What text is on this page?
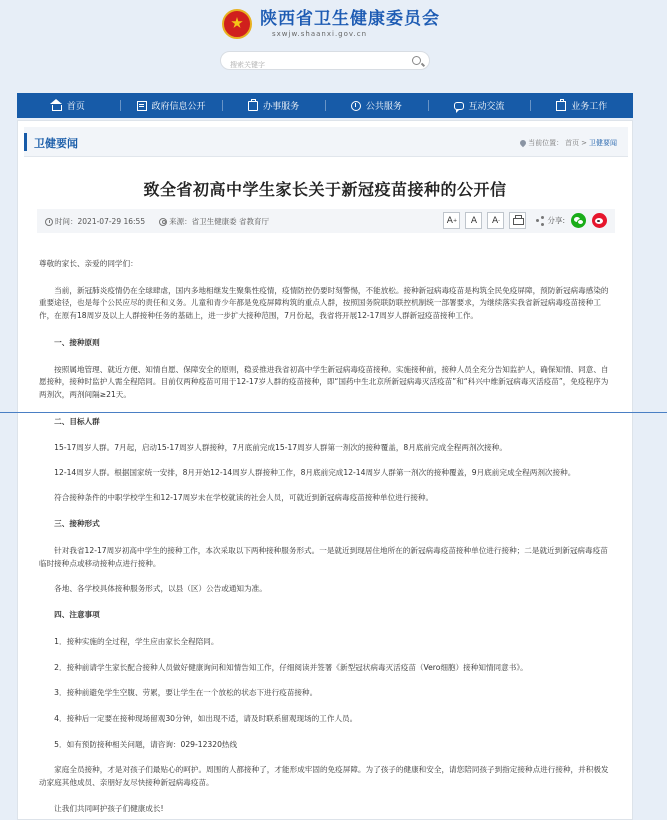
陕西省卫生健康委员会
sxwjw.shaanxi.gov.cn
搜索关键字
首页	政府信息公开	办事服务	公共服务	互动交流	业务工作
卫健要闻	当前位置： 首页 > 卫健要闻
致全省初高中学生家长关于新冠疫苗接种的公开信
时间： 2021-07-29 16:55	来源： 省卫生健康委 省教育厅	A +	A	A -	分享:
尊敬的家长、亲爱的同学们：
　　当前，新冠肺炎疫情仍在全球肆虐，国内多地相继发生聚集性疫情，疫情防控仍要时刻警惕，不能放松。接种新冠病毒疫苗是构筑全民免疫屏障，预防新冠病毒感染的重要途径，也是每个公民应尽的责任和义务。儿童和青少年都是免疫屏障构筑的重点人群，按照国务院联防联控机制统一部署要求，为继续落实我省新冠病毒疫苗接种工作，在原有18周岁及以上人群接种任务的基础上，进一步扩大接种范围，7月份起，我省将开展12-17周岁人群新冠疫苗接种工作。
　　一、接种原则
　　按照属地管理、就近方便、知情自愿、保障安全的原则，稳妥推进我省初高中学生新冠病毒疫苗接种。实施接种前，接种人员全充分告知监护人，确保知情、同意、自愿接种，接种时监护人需全程陪同。目前仅两种疫苗可用于12-17岁人群的疫苗接种，即“国药中生北京所新冠病毒灭活疫苗”和“科兴中维新冠病毒灭活疫苗”，免疫程序为两剂次，两剂间隔≥21天。
　　二、目标人群
　　15-17周岁人群。7月起，启动15-17周岁人群接种，7月底前完成15-17周岁人群第一剂次的接种覆盖，8月底前完成全程两剂次接种。
　　12-14周岁人群。根据国家统一安排，8月开始12-14周岁人群接种工作，8月底前完成12-14周岁人群第一剂次的接种覆盖，9月底前完成全程两剂次接种。
　　符合接种条件的中职学校学生和12-17周岁未在学校就读的社会人员，可就近到新冠病毒疫苗接种单位进行接种。
　　三、接种形式
　　针对我省12-17周岁初高中学生的接种工作，本次采取以下两种接种服务形式。一是就近到现居住地所在的新冠病毒疫苗接种单位进行接种；二是就近到新冠病毒疫苗临时接种点或移动接种点进行接种。
　　各地、各学校具体接种服务形式，以县（区）公告或通知为准。
　　四、注意事项
　　1．接种实施的全过程，学生应由家长全程陪同。
　　2．接种前请学生家长配合接种人员做好健康询问和知情告知工作，仔细阅读并签署《新型冠状病毒灭活疫苗（Vero细胞）接种知情同意书》。
　　3．接种前避免学生空腹、劳累，要让学生在一个放松的状态下进行疫苗接种。
　　4．接种后一定要在接种现场留观30分钟，如出现不适，请及时联系留观现场的工作人员。
　　5．如有预防接种相关问题，请咨询：029-12320热线
　　家庭全员接种，才是对孩子们最贴心的呵护。周围的人都接种了，才能形成牢固的免疫屏障。为了孩子的健康和安全，请您陪同孩子到指定接种点进行接种，并积极发动家庭其他成员、亲朋好友尽快接种新冠病毒疫苗。
　　让我们共同呵护孩子们健康成长!
